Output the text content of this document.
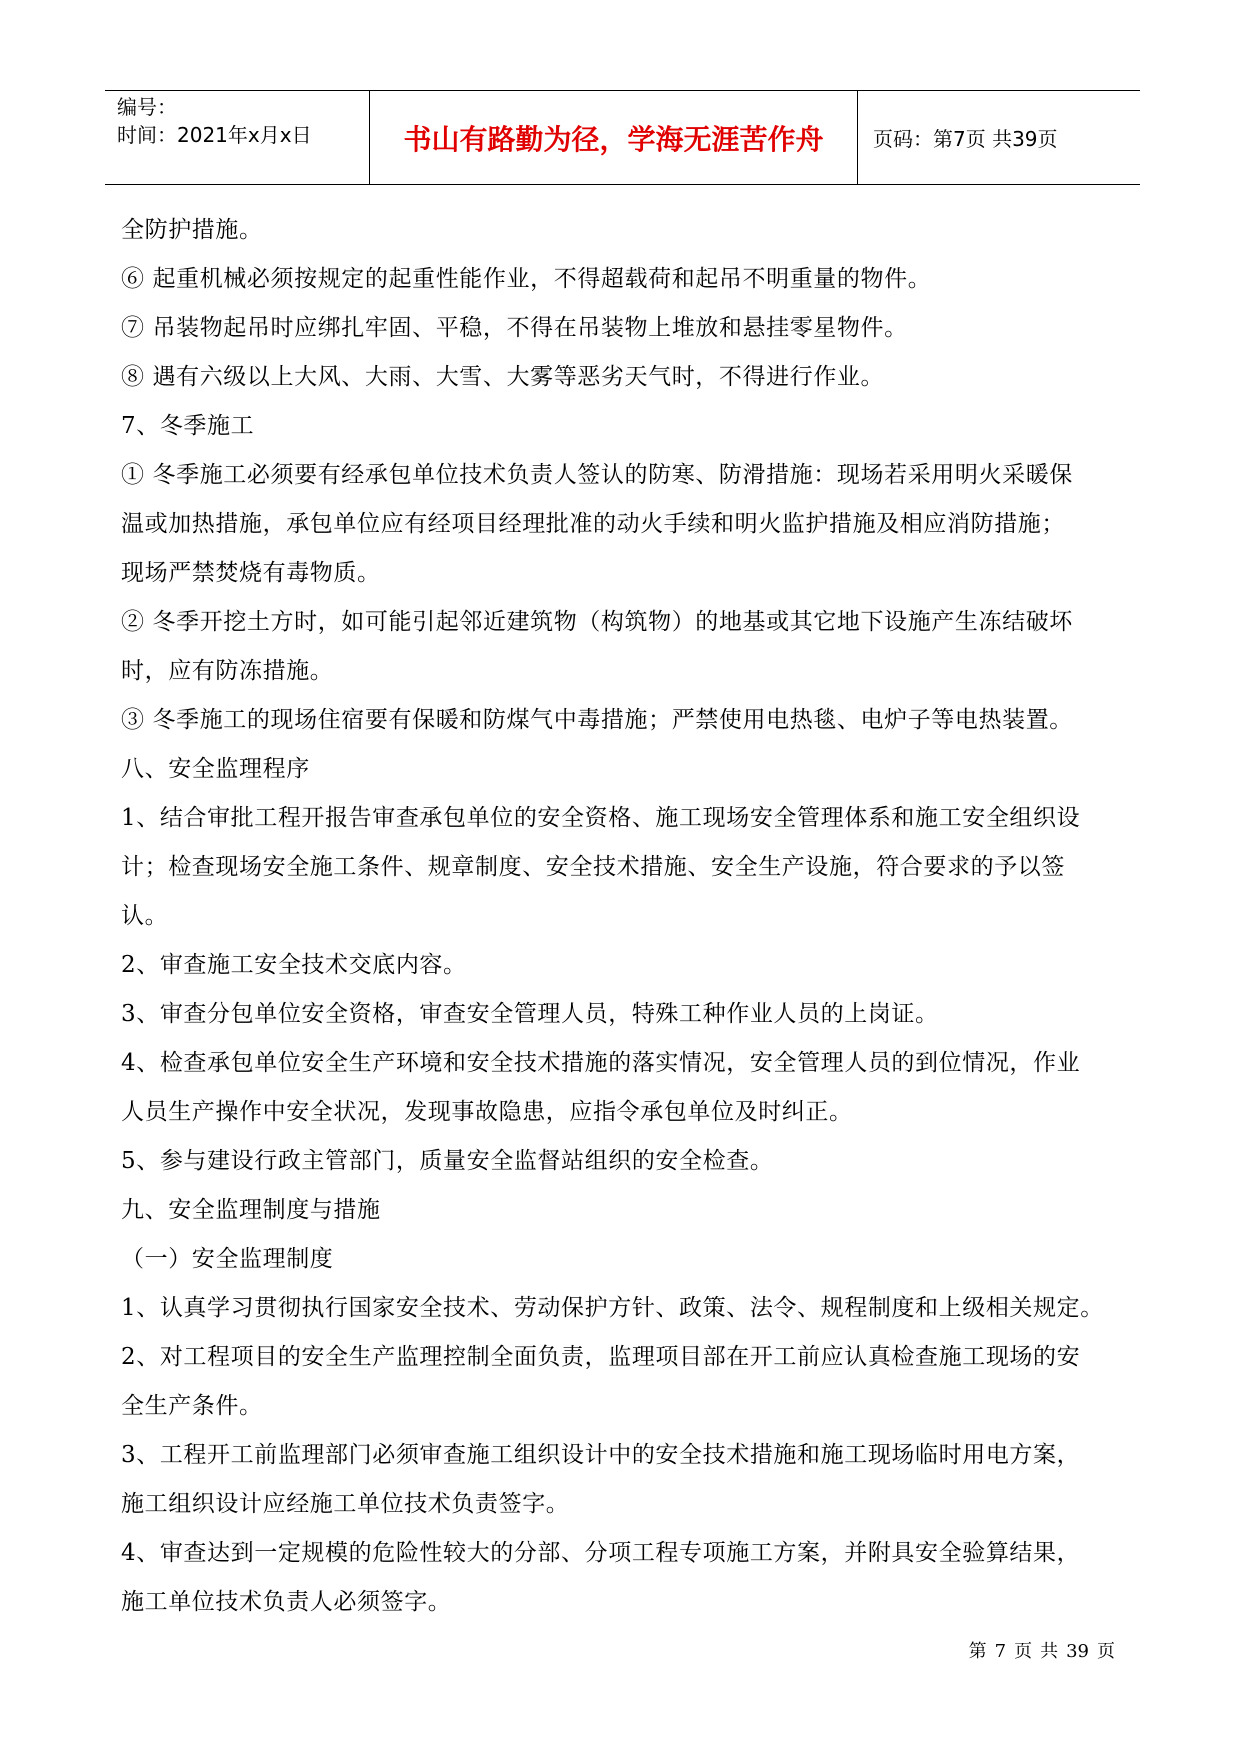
编号：
时间：2021年x月x日	书山有路勤为径，学海无涯苦作舟	页码：第7页 共39页

全防护措施。

⑥ 起重机械必须按规定的起重性能作业，不得超载荷和起吊不明重量的物件。

⑦ 吊装物起吊时应绑扎牢固、平稳，不得在吊装物上堆放和悬挂零星物件。

⑧ 遇有六级以上大风、大雨、大雪、大雾等恶劣天气时，不得进行作业。

7、冬季施工

① 冬季施工必须要有经承包单位技术负责人签认的防寒、防滑措施：现场若采用明火采暖保

温或加热措施，承包单位应有经项目经理批准的动火手续和明火监护措施及相应消防措施；

现场严禁焚烧有毒物质。

② 冬季开挖土方时，如可能引起邻近建筑物（构筑物）的地基或其它地下设施产生冻结破坏

时，应有防冻措施。

③ 冬季施工的现场住宿要有保暖和防煤气中毒措施；严禁使用电热毯、电炉子等电热装置。

八、安全监理程序

1、结合审批工程开报告审查承包单位的安全资格、施工现场安全管理体系和施工安全组织设

计；检查现场安全施工条件、规章制度、安全技术措施、安全生产设施，符合要求的予以签

认。

2、审查施工安全技术交底内容。

3、审查分包单位安全资格，审查安全管理人员，特殊工种作业人员的上岗证。

4、检查承包单位安全生产环境和安全技术措施的落实情况，安全管理人员的到位情况，作业

人员生产操作中安全状况，发现事故隐患，应指令承包单位及时纠正。

5、参与建设行政主管部门，质量安全监督站组织的安全检查。

九、安全监理制度与措施

（一）安全监理制度

1、认真学习贯彻执行国家安全技术、劳动保护方针、政策、法令、规程制度和上级相关规定。

2、对工程项目的安全生产监理控制全面负责，监理项目部在开工前应认真检查施工现场的安

全生产条件。

3、工程开工前监理部门必须审查施工组织设计中的安全技术措施和施工现场临时用电方案，

施工组织设计应经施工单位技术负责签字。

4、审查达到一定规模的危险性较大的分部、分项工程专项施工方案，并附具安全验算结果，

施工单位技术负责人必须签字。

第 7 页 共 39 页
